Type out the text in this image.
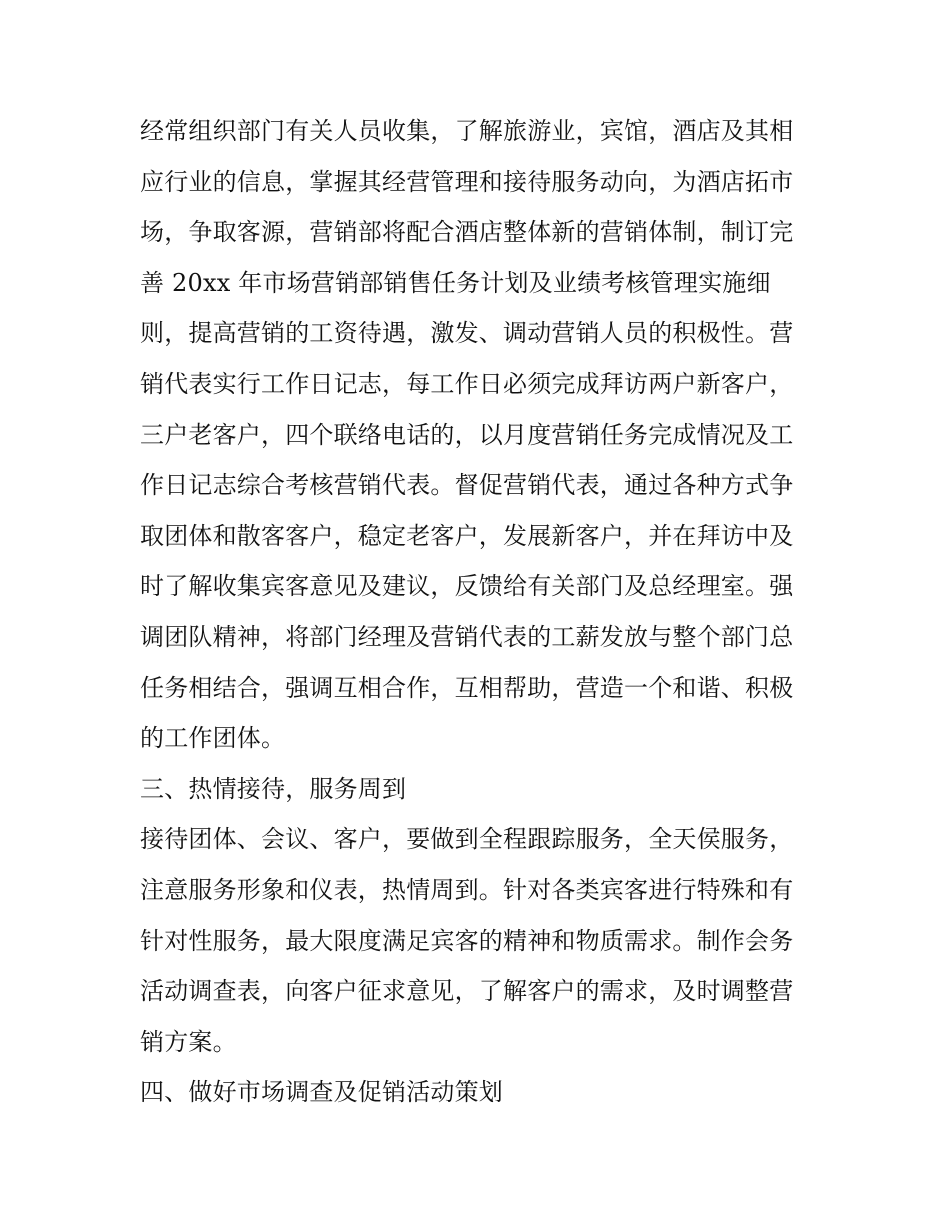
经常组织部门有关人员收集，了解旅游业，宾馆，酒店及其相
应行业的信息，掌握其经营管理和接待服务动向，为酒店拓市
场，争取客源，营销部将配合酒店整体新的营销体制，制订完
善 20xx 年市场营销部销售任务计划及业绩考核管理实施细
则，提高营销的工资待遇，激发、调动营销人员的积极性。营
销代表实行工作日记志，每工作日必须完成拜访两户新客户，
三户老客户，四个联络电话的，以月度营销任务完成情况及工
作日记志综合考核营销代表。督促营销代表，通过各种方式争
取团体和散客客户，稳定老客户，发展新客户，并在拜访中及
时了解收集宾客意见及建议，反馈给有关部门及总经理室。强
调团队精神，将部门经理及营销代表的工薪发放与整个部门总
任务相结合，强调互相合作，互相帮助，营造一个和谐、积极
的工作团体。
三、热情接待，服务周到
接待团体、会议、客户，要做到全程跟踪服务，全天侯服务，
注意服务形象和仪表，热情周到。针对各类宾客进行特殊和有
针对性服务，最大限度满足宾客的精神和物质需求。制作会务
活动调查表，向客户征求意见，了解客户的需求，及时调整营
销方案。
四、做好市场调查及促销活动策划
